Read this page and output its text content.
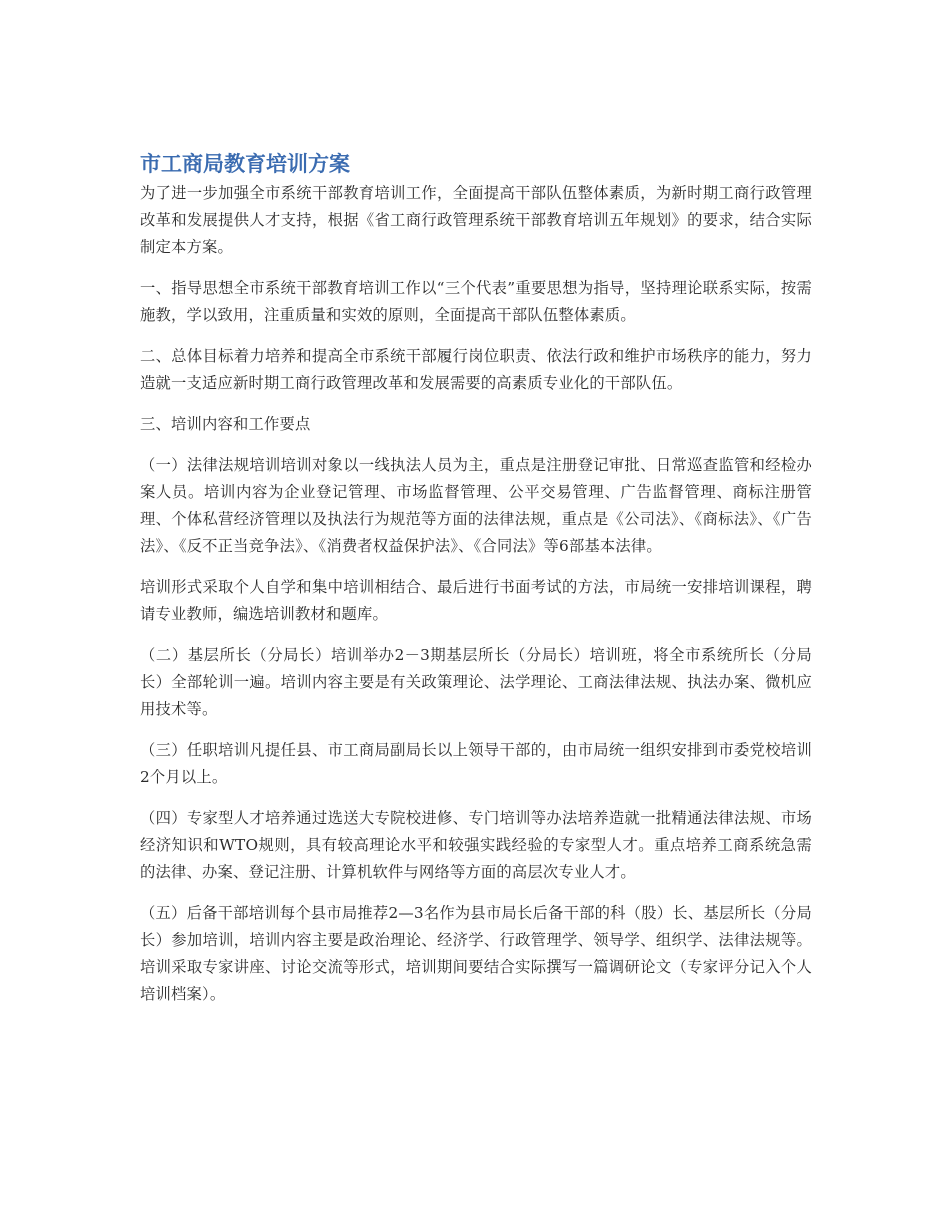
市工商局教育培训方案

为了进一步加强全市系统干部教育培训工作，全面提高干部队伍整体素质，为新时期工商行政管理改革和发展提供人才支持，根据《省工商行政管理系统干部教育培训五年规划》的要求，结合实际制定本方案。

一、指导思想全市系统干部教育培训工作以“三个代表”重要思想为指导，坚持理论联系实际，按需施教，学以致用，注重质量和实效的原则，全面提高干部队伍整体素质。

二、总体目标着力培养和提高全市系统干部履行岗位职责、依法行政和维护市场秩序的能力，努力造就一支适应新时期工商行政管理改革和发展需要的高素质专业化的干部队伍。

三、培训内容和工作要点

（一）法律法规培训培训对象以一线执法人员为主，重点是注册登记审批、日常巡查监管和经检办案人员。培训内容为企业登记管理、市场监督管理、公平交易管理、广告监督管理、商标注册管理、个体私营经济管理以及执法行为规范等方面的法律法规，重点是《公司法》、《商标法》、《广告法》、《反不正当竞争法》、《消费者权益保护法》、《合同法》等6部基本法律。

培训形式采取个人自学和集中培训相结合、最后进行书面考试的方法，市局统一安排培训课程，聘请专业教师，编选培训教材和题库。

（二）基层所长（分局长）培训举办2－3期基层所长（分局长）培训班，将全市系统所长（分局长）全部轮训一遍。培训内容主要是有关政策理论、法学理论、工商法律法规、执法办案、微机应用技术等。

（三）任职培训凡提任县、市工商局副局长以上领导干部的，由市局统一组织安排到市委党校培训2个月以上。

（四）专家型人才培养通过选送大专院校进修、专门培训等办法培养造就一批精通法律法规、市场经济知识和WTO规则，具有较高理论水平和较强实践经验的专家型人才。重点培养工商系统急需的法律、办案、登记注册、计算机软件与网络等方面的高层次专业人才。

（五）后备干部培训每个县市局推荐2—3名作为县市局长后备干部的科（股）长、基层所长（分局长）参加培训，培训内容主要是政治理论、经济学、行政管理学、领导学、组织学、法律法规等。培训采取专家讲座、讨论交流等形式，培训期间要结合实际撰写一篇调研论文（专家评分记入个人培训档案）。
